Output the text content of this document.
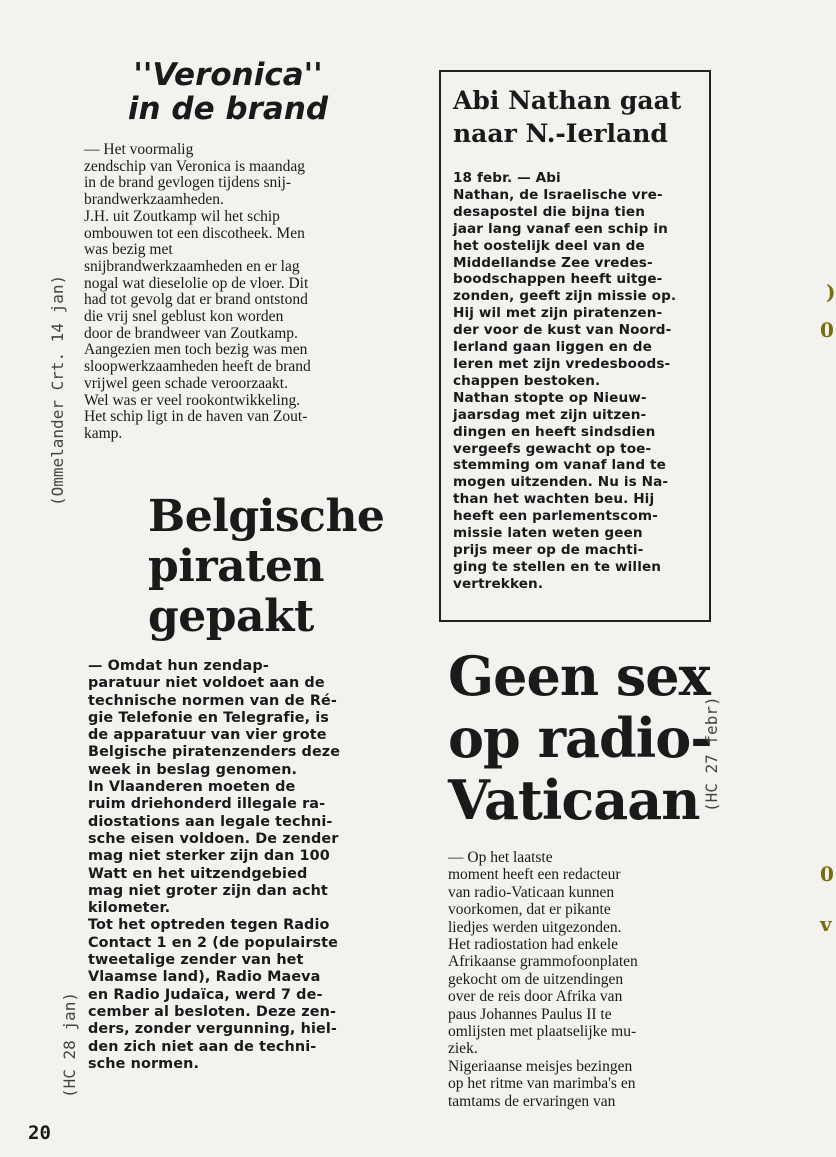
''Veronica''
in de brand

— Het voormalig
zendschip van Veronica is maandag
in de brand gevlogen tijdens snij-
brandwerkzaamheden.
J.H. uit Zoutkamp wil het schip
ombouwen tot een discotheek. Men
was bezig met
snijbrandwerkzaamheden en er lag
nogal wat dieselolie op de vloer. Dit
had tot gevolg dat er brand ontstond
die vrij snel geblust kon worden
door de brandweer van Zoutkamp.
Aangezien men toch bezig was men
sloopwerkzaamheden heeft de brand
vrijwel geen schade veroorzaakt.
Wel was er veel rookontwikkeling.
Het schip ligt in de haven van Zout-
kamp.

(Ommelander Crt. 14 jan)
Abi Nathan gaat
naar N.-Ierland

18 febr. — Abi
Nathan, de Israelische vre-
desapostel die bijna tien
jaar lang vanaf een schip in
het oostelijk deel van de
Middellandse Zee vredes-
boodschappen heeft uitge-
zonden, geeft zijn missie op.
Hij wil met zijn piratenzen-
der voor de kust van Noord-
Ierland gaan liggen en de
Ieren met zijn vredesboods-
chappen bestoken.
Nathan stopte op Nieuw-
jaarsdag met zijn uitzen-
dingen en heeft sindsdien
vergeefs gewacht op toe-
stemming om vanaf land te
mogen uitzenden. Nu is Na-
than het wachten beu. Hij
heeft een parlementscom-
missie laten weten geen
prijs meer op de machti-
ging te stellen en te willen
vertrekken.

Belgische
piraten
gepakt

— Omdat hun zendap-
paratuur niet voldoet aan de
technische normen van de Ré-
gie Telefonie en Telegrafie, is
de apparatuur van vier grote
Belgische piratenzenders deze
week in beslag genomen.
In Vlaanderen moeten de
ruim driehonderd illegale ra-
diostations aan legale techni-
sche eisen voldoen. De zender
mag niet sterker zijn dan 100
Watt en het uitzendgebied
mag niet groter zijn dan acht
kilometer.
Tot het optreden tegen Radio
Contact 1 en 2 (de populairste
tweetalige zender van het
Vlaamse land), Radio Maeva
en Radio Judaïca, werd 7 de-
cember al besloten. Deze zen-
ders, zonder vergunning, hiel-
den zich niet aan de techni-
sche normen.

(HC 28 jan)
Geen sex
op radio-
Vaticaan

— Op het laatste
moment heeft een redacteur
van radio-Vaticaan kunnen
voorkomen, dat er pikante
liedjes werden uitgezonden.
Het radiostation had enkele
Afrikaanse grammofoonplaten
gekocht om de uitzendingen
over de reis door Afrika van
paus Johannes Paulus II te
omlijsten met plaatselijke mu-
ziek.
Nigeriaanse meisjes bezingen
op het ritme van marimba's en
tamtams de ervaringen van

(HC 27 febr)
)
0
0
v
20
